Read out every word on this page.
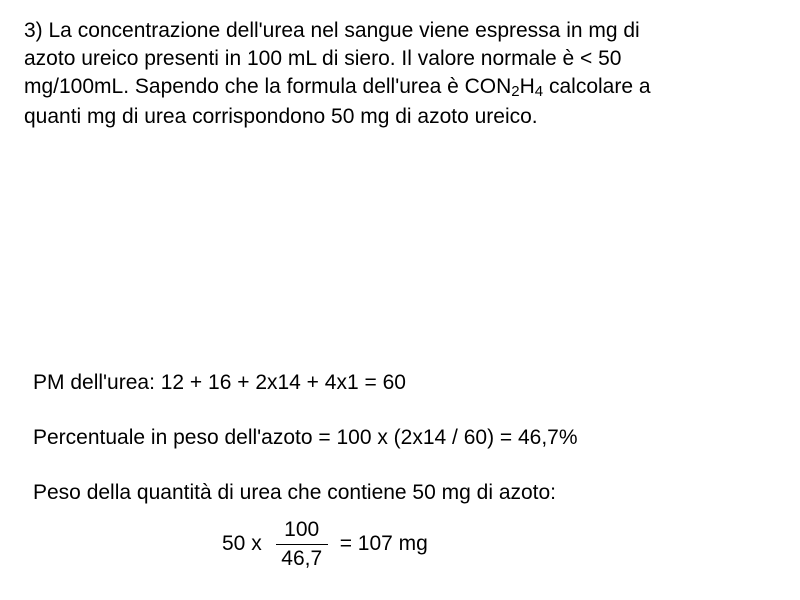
3) La concentrazione dell'urea nel sangue viene espressa in mg di
azoto ureico presenti in 100 mL di siero. Il valore normale è < 50
mg/100mL. Sapendo che la formula dell'urea è $CON_2H_4$ calcolare a
quanti mg di urea corrispondono 50 mg di azoto ureico.

PM dell'urea: 12 + 16 + 2x14 + 4x1 = 60

Percentuale in peso dell'azoto = 100 x (2x14 / 60) = 46,7%

Peso della quantità di urea che contiene 50 mg di azoto:

50 x $\frac{100}{46,7} = 107$ mg
